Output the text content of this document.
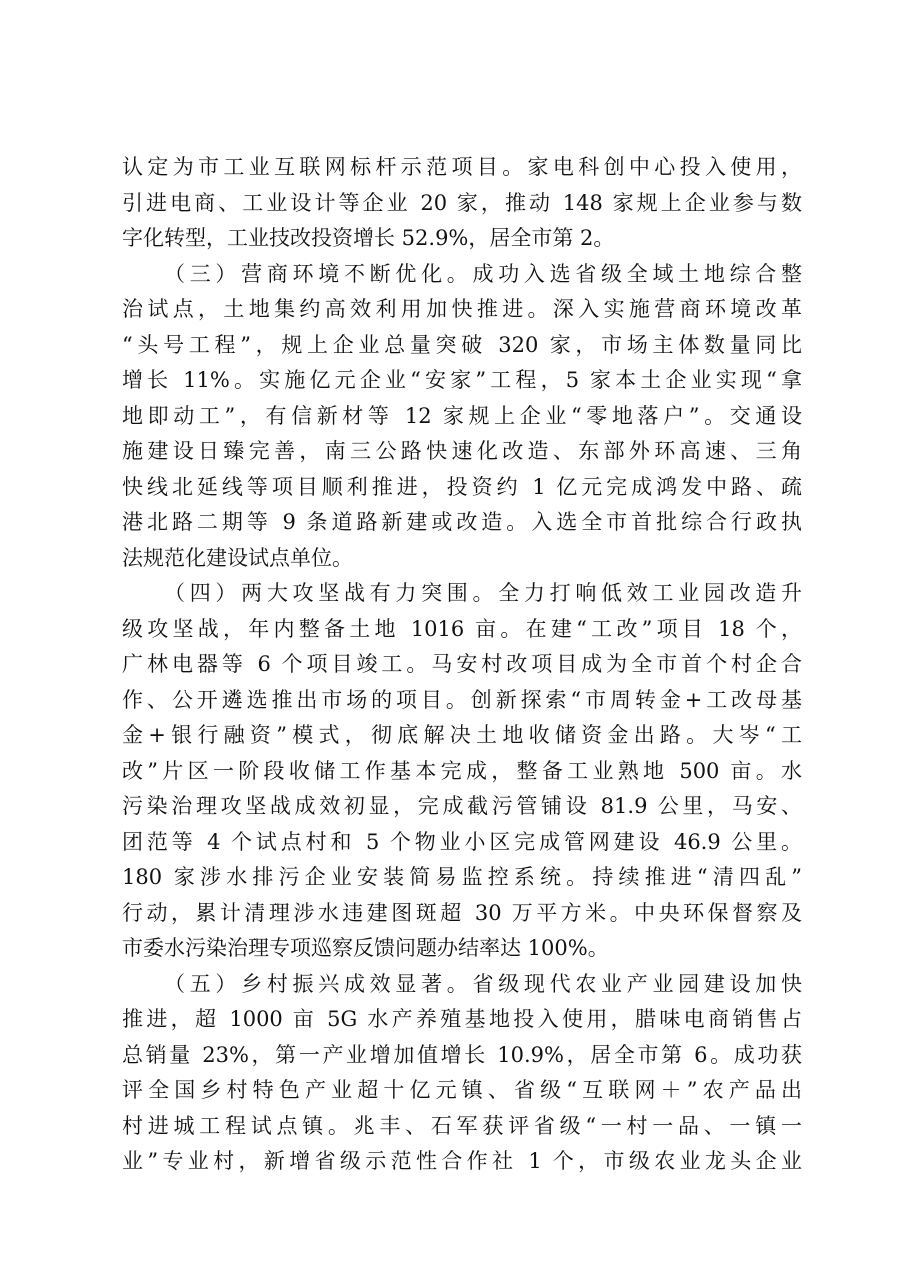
认定为市工业互联网标杆示范项目。家电科创中心投入使用，
引进电商、工业设计等企业 20 家，推动 148 家规上企业参与数
字化转型，工业技改投资增长 52.9%，居全市第 2。
（三）营商环境不断优化。成功入选省级全域土地综合整
治试点，土地集约高效利用加快推进。深入实施营商环境改革
“头号工程”，规上企业总量突破 320 家，市场主体数量同比
增长 11%。实施亿元企业“安家”工程，5 家本土企业实现“拿
地即动工”，有信新材等 12 家规上企业“零地落户”。交通设
施建设日臻完善，南三公路快速化改造、东部外环高速、三角
快线北延线等项目顺利推进，投资约 1 亿元完成鸿发中路、疏
港北路二期等 9 条道路新建或改造。入选全市首批综合行政执
法规范化建设试点单位。
（四）两大攻坚战有力突围。全力打响低效工业园改造升
级攻坚战，年内整备土地 1016 亩。在建“工改”项目 18 个，
广林电器等 6 个项目竣工。马安村改项目成为全市首个村企合
作、公开遴选推出市场的项目。创新探索“市周转金+工改母基
金+银行融资”模式，彻底解决土地收储资金出路。大岑“工
改”片区一阶段收储工作基本完成，整备工业熟地 500 亩。水
污染治理攻坚战成效初显，完成截污管铺设 81.9 公里，马安、
团范等 4 个试点村和 5 个物业小区完成管网建设 46.9 公里。
180 家涉水排污企业安装简易监控系统。持续推进“清四乱”
行动，累计清理涉水违建图斑超 30 万平方米。中央环保督察及
市委水污染治理专项巡察反馈问题办结率达 100%。
（五）乡村振兴成效显著。省级现代农业产业园建设加快
推进，超 1000 亩 5G 水产养殖基地投入使用，腊味电商销售占
总销量 23%，第一产业增加值增长 10.9%，居全市第 6。成功获
评全国乡村特色产业超十亿元镇、省级“互联网＋”农产品出
村进城工程试点镇。兆丰、石军获评省级“一村一品、一镇一
业”专业村，新增省级示范性合作社 1 个，市级农业龙头企业
